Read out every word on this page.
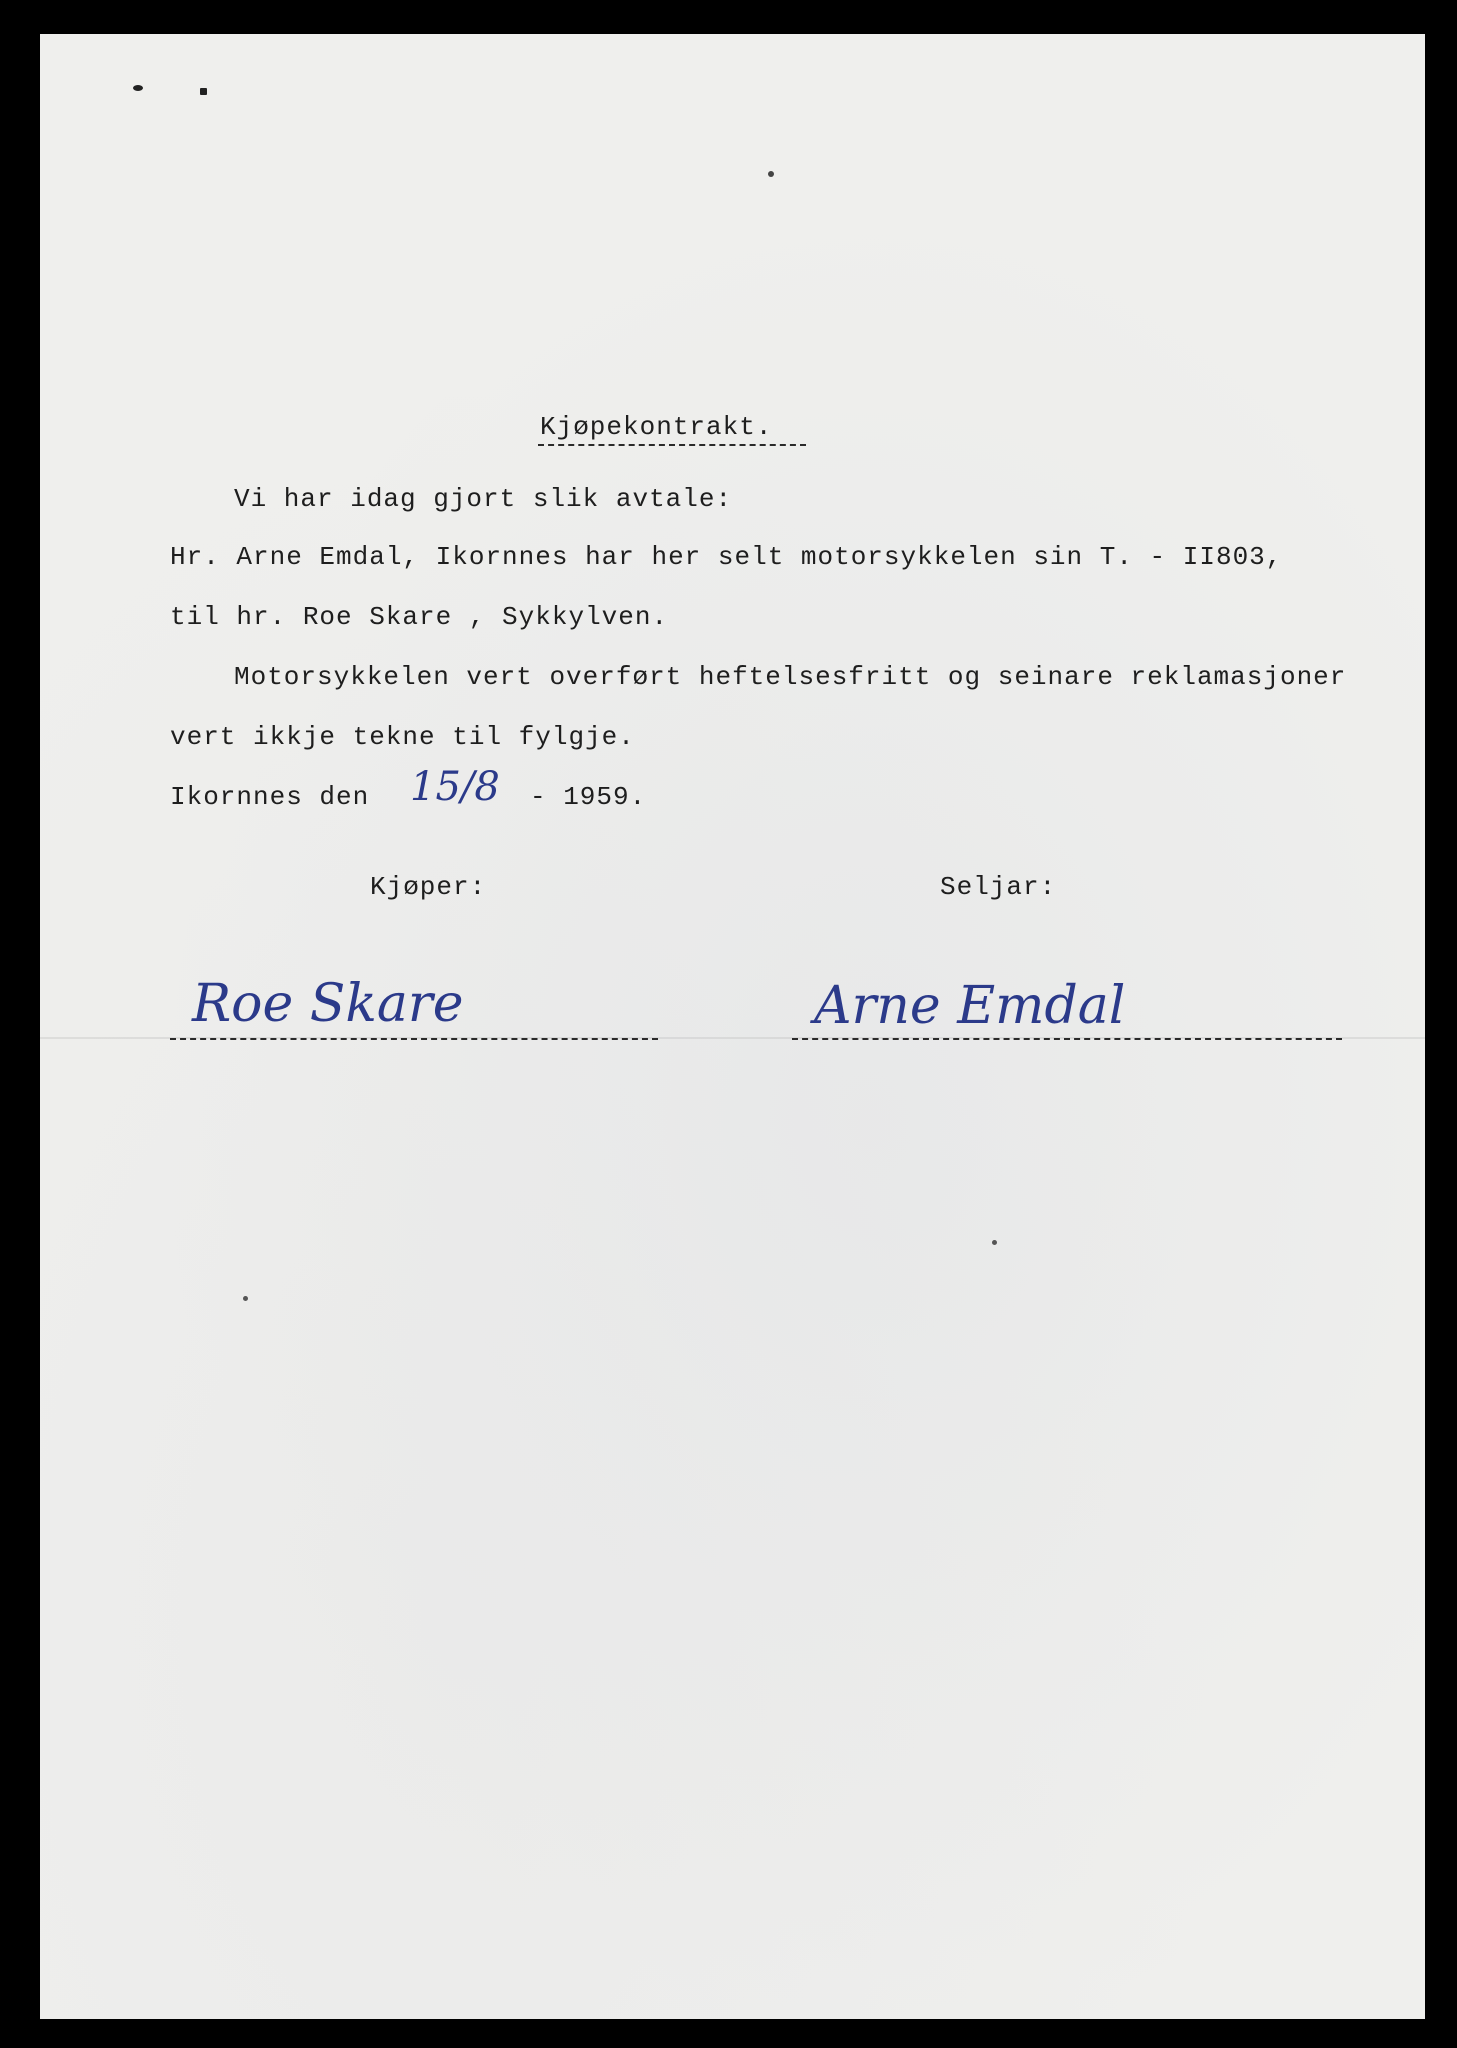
Kjøpekontrakt.
Vi har idag gjort slik avtale:
Hr. Arne Emdal, Ikornnes har her selt motorsykkelen sin T. - II803,
til hr. Roe Skare , Sykkylven.
Motorsykkelen vert overført heftelsesfritt og seinare reklamasjoner
vert ikkje tekne til fylgje.
Ikornnes den 15/8 - 1959.
Kjøper:	Seljar:
Roe Skare	Arne Emdal
